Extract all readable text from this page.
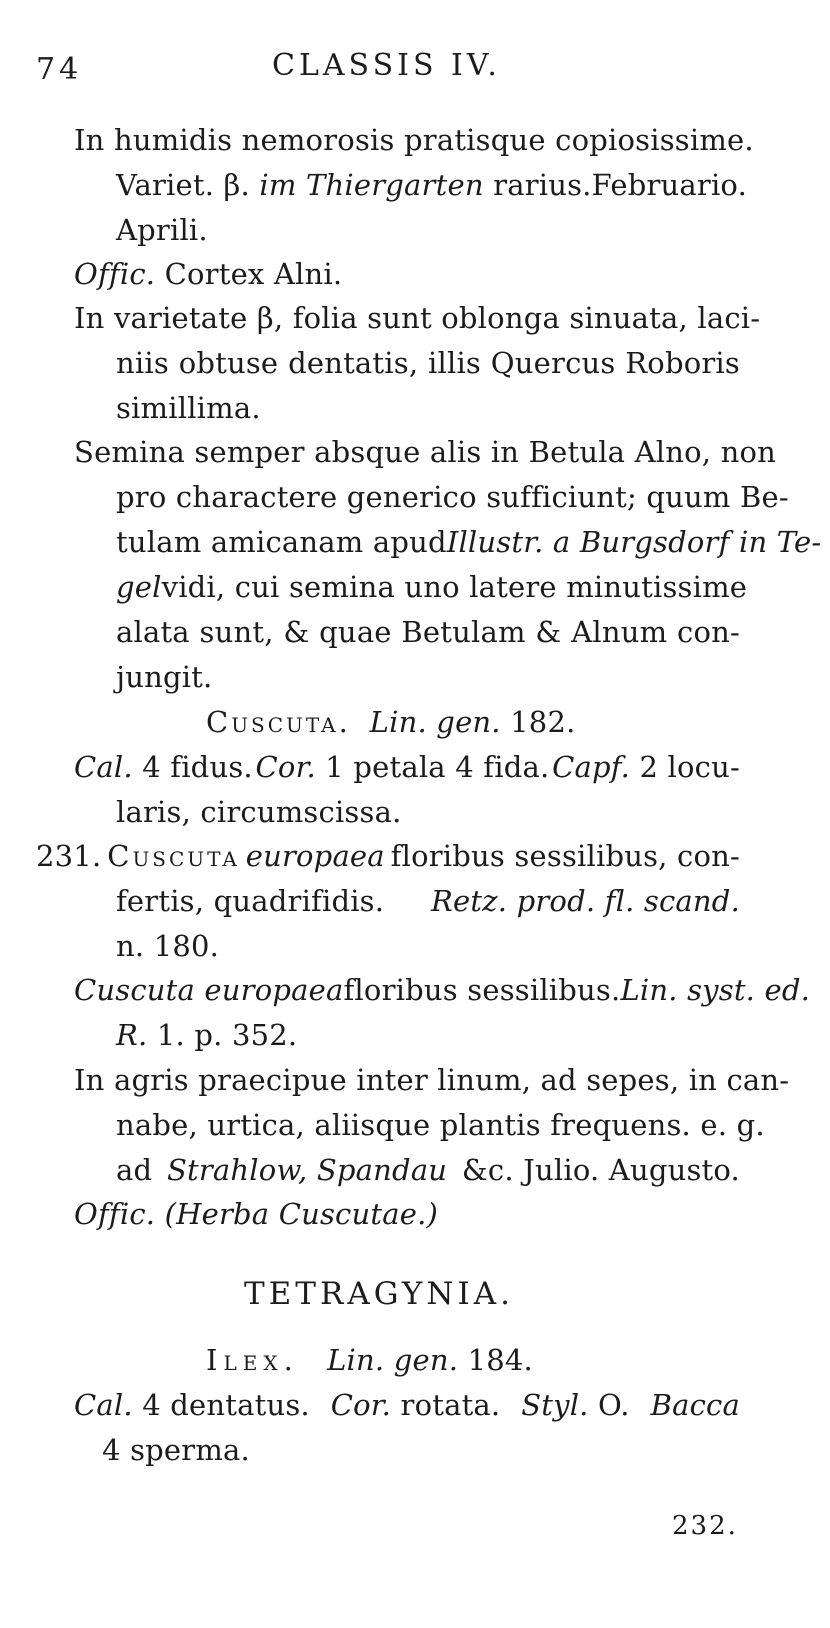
74	CLASSIS IV.
In humidis nemorosis pratisque copiosissime.
Variet. β. im Thiergarten rarius. Februario.
Aprili.
Offic. Cortex Alni.
In varietate β, folia sunt oblonga sinuata, laci-
niis obtuse dentatis, illis Quercus Roboris
simillima.
Semina semper absque alis in Betula Alno, non
pro charactere generico sufficiunt; quum Be-
tulam amicanam apud Illustr. a Burgsdorf in Te-
gel vidi, cui semina uno latere minutissime
alata sunt, & quae Betulam & Alnum con-
jungit.
Cuscuta. Lin. gen. 182.
Cal. 4 fidus. Cor. 1 petala 4 fida. Capf. 2 locu-
laris, circumscissa.
231. Cuscuta europaea floribus sessilibus, con-
fertis, quadrifidis. Retz. prod. fl. scand.
n. 180.
Cuscuta europaea floribus sessilibus. Lin. syst. ed.
R. 1. p. 352.
In agris praecipue inter linum, ad sepes, in can-
nabe, urtica, aliisque plantis frequens. e. g.
ad Strahlow, Spandau &c. Julio. Augusto.
Offic. (Herba Cuscutae.)
TETRAGYNIA.
Ilex. Lin. gen. 184.
Cal. 4 dentatus. Cor. rotata. Styl. O. Bacca
4 sperma.
232.
